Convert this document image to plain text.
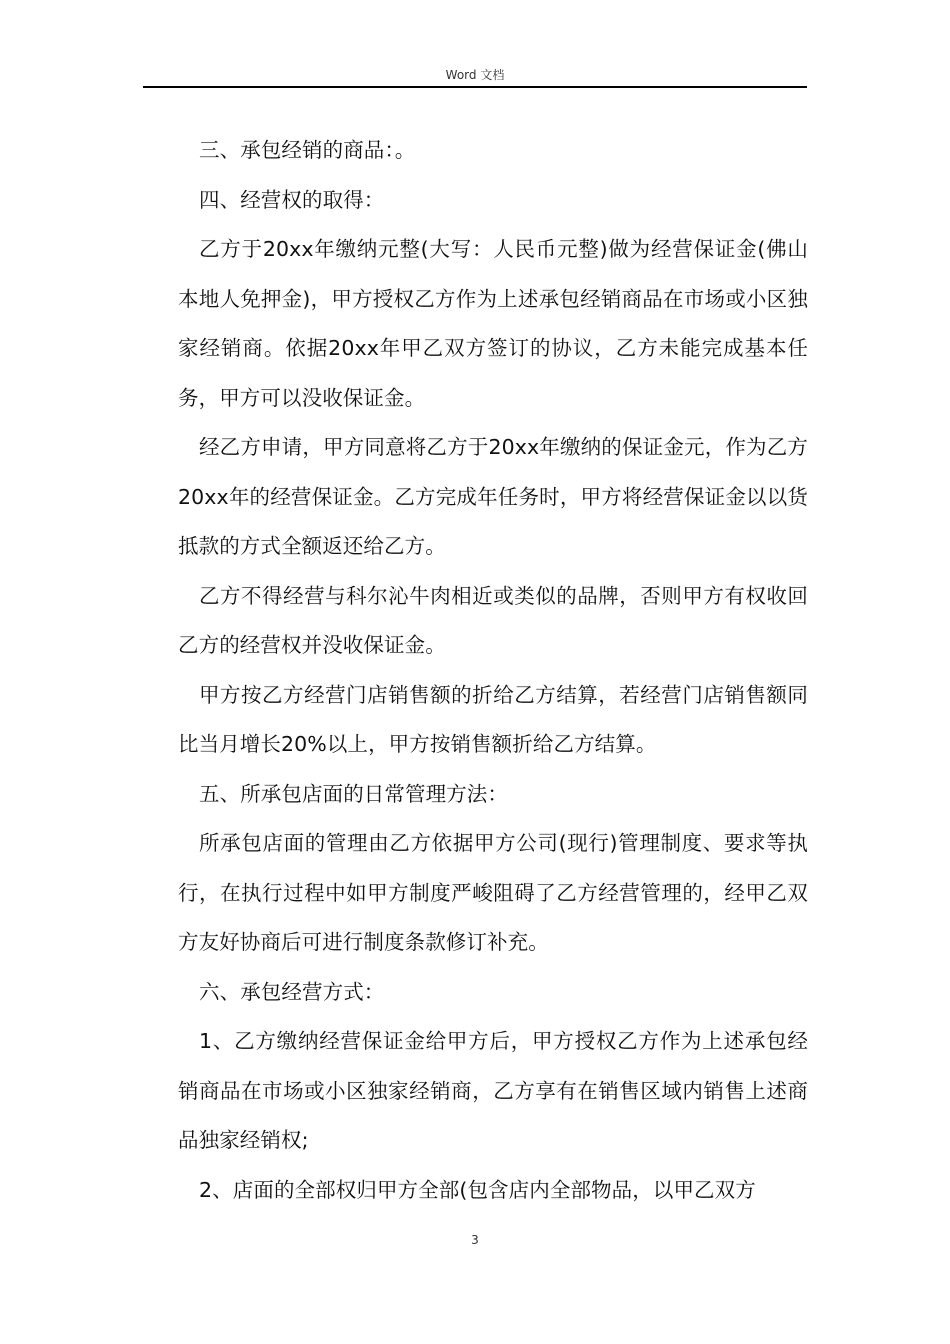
Word 文档

三、承包经销的商品：。

四、经营权的取得：

乙方于20xx年缴纳元整(大写：人民币元整)做为经营保证金(佛山本地人免押金)，甲方授权乙方作为上述承包经销商品在市场或小区独家经销商。依据20xx年甲乙双方签订的协议，乙方未能完成基本任务，甲方可以没收保证金。

经乙方申请，甲方同意将乙方于20xx年缴纳的保证金元，作为乙方20xx年的经营保证金。乙方完成年任务时，甲方将经营保证金以以货抵款的方式全额返还给乙方。

乙方不得经营与科尔沁牛肉相近或类似的品牌，否则甲方有权收回乙方的经营权并没收保证金。

甲方按乙方经营门店销售额的折给乙方结算，若经营门店销售额同比当月增长20%以上，甲方按销售额折给乙方结算。

五、所承包店面的日常管理方法：

所承包店面的管理由乙方依据甲方公司(现行)管理制度、要求等执行，在执行过程中如甲方制度严峻阻碍了乙方经营管理的，经甲乙双方友好协商后可进行制度条款修订补充。

六、承包经营方式：

1、乙方缴纳经营保证金给甲方后，甲方授权乙方作为上述承包经销商品在市场或小区独家经销商，乙方享有在销售区域内销售上述商品独家经销权;

2、店面的全部权归甲方全部(包含店内全部物品，以甲乙双方

3
